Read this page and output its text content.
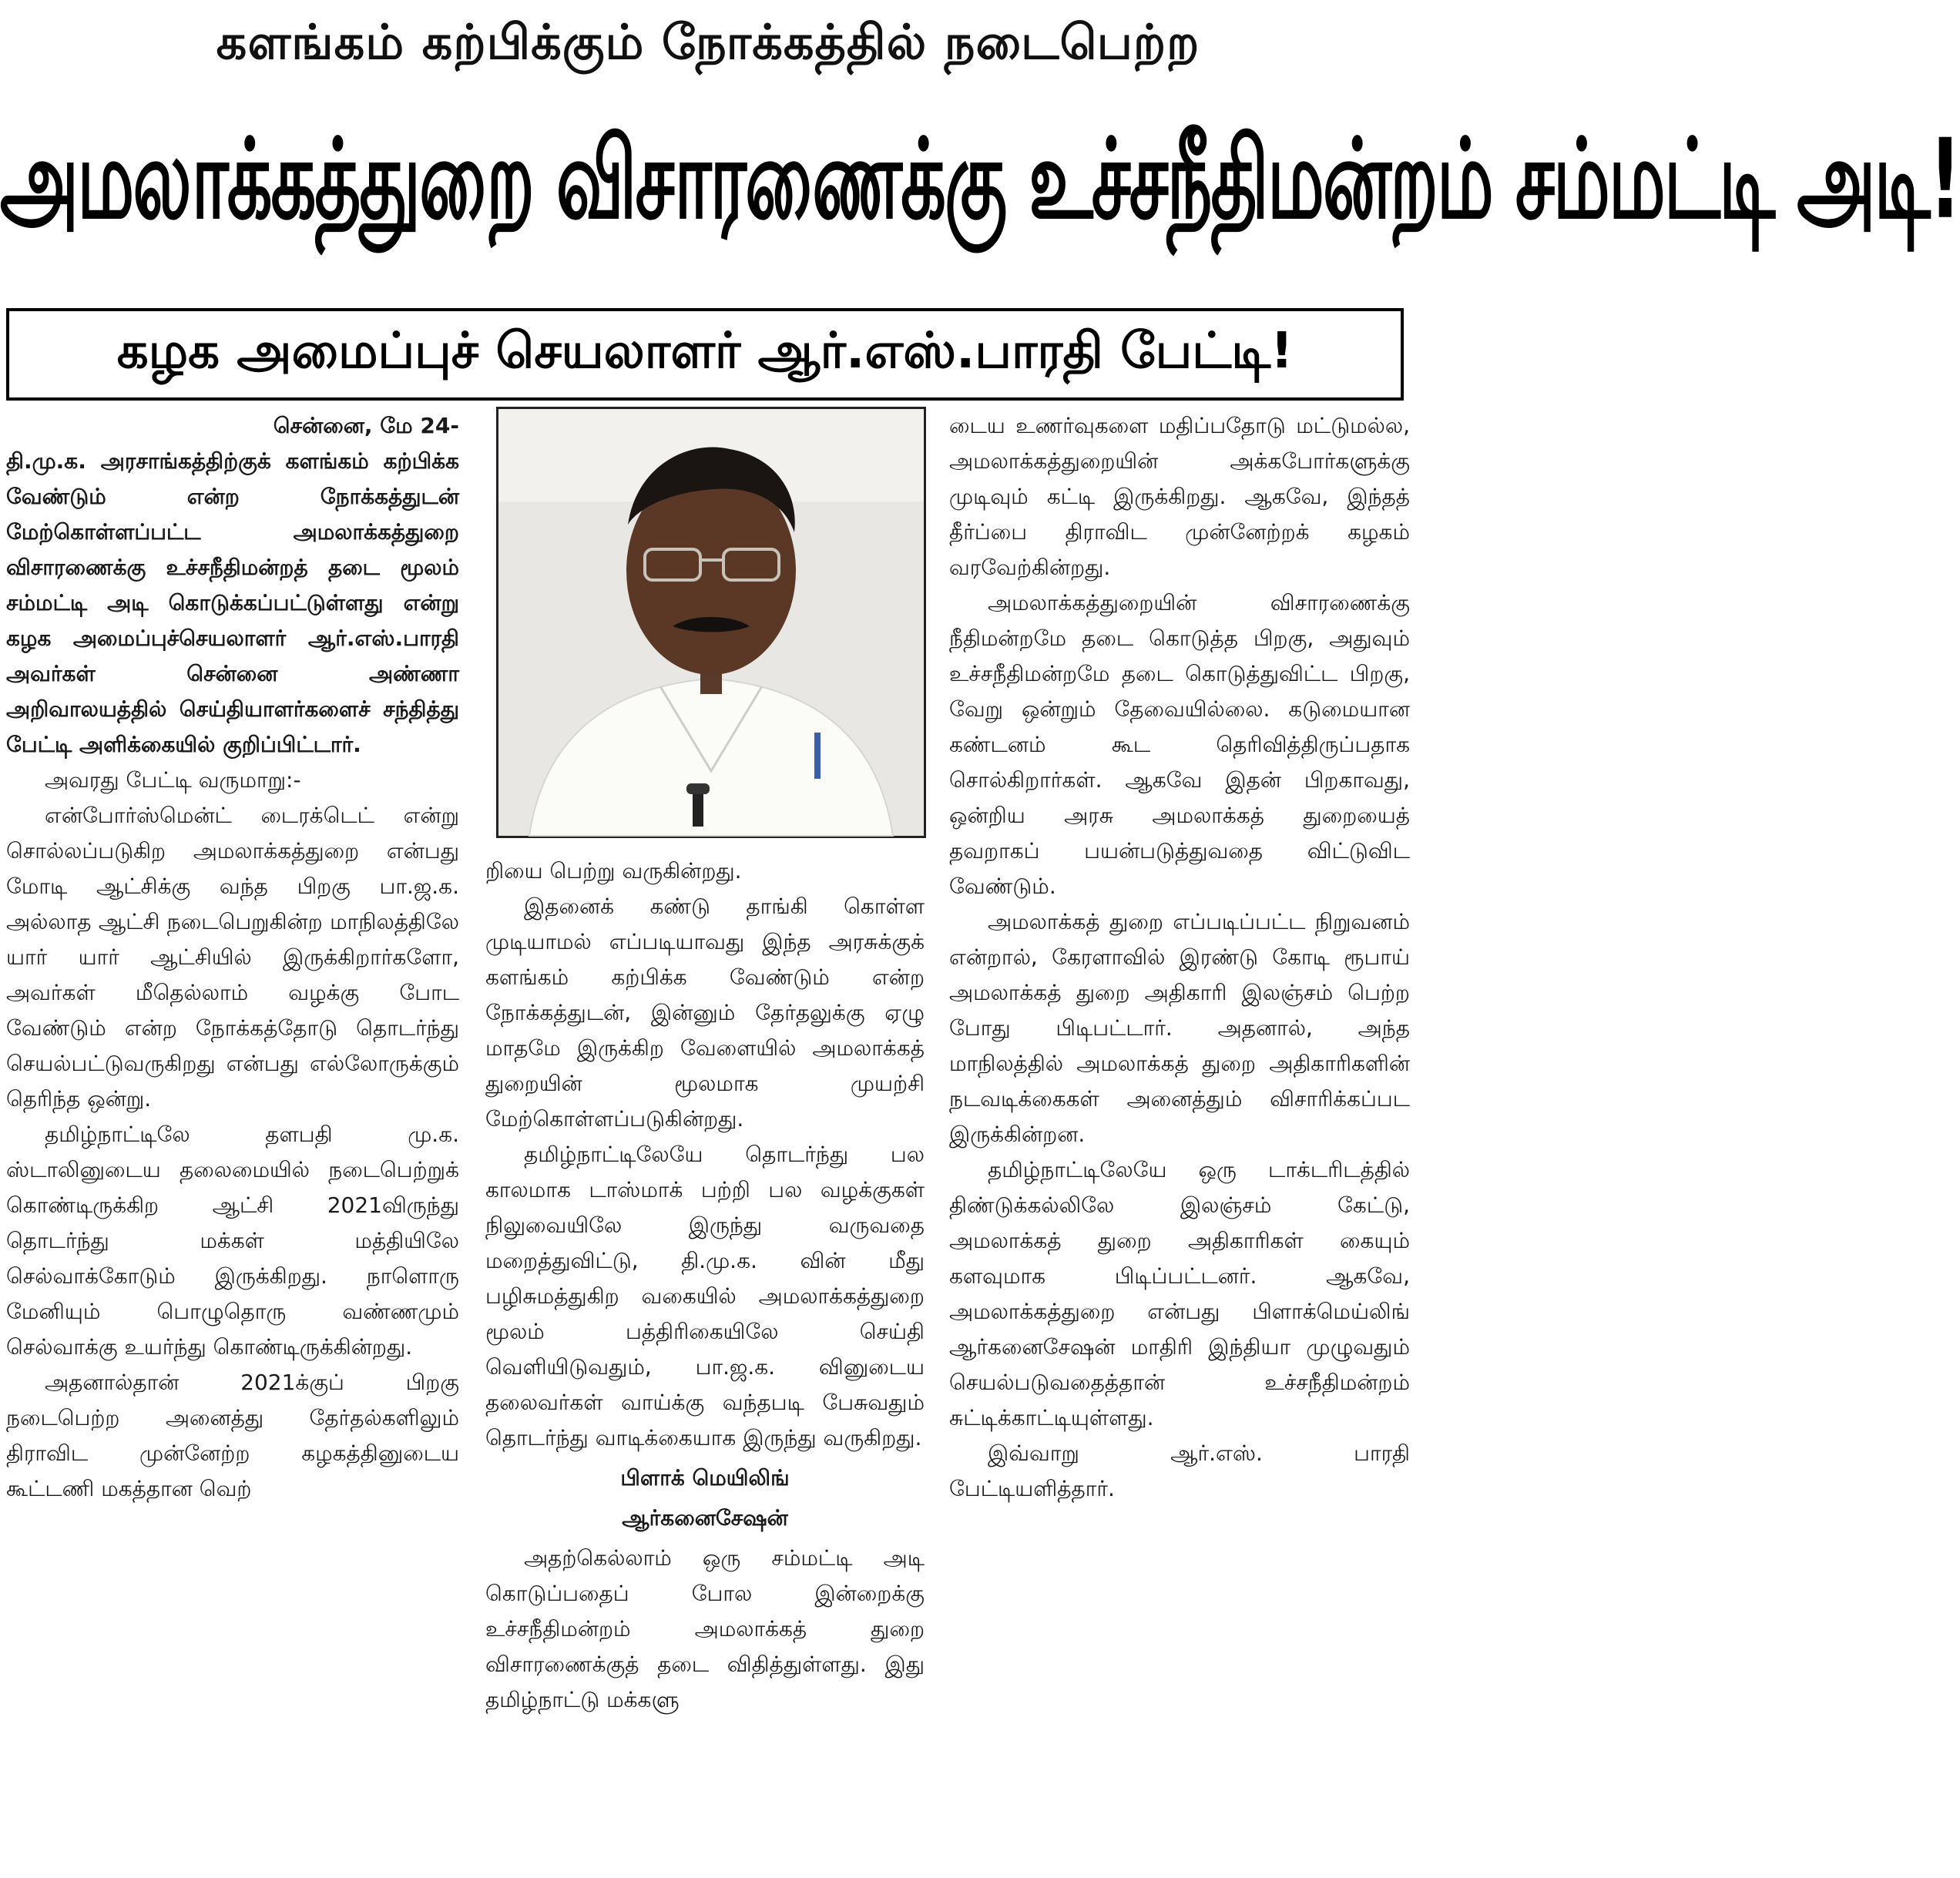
களங்கம் கற்பிக்கும் நோக்கத்தில் நடைபெற்ற
அமலாக்கத்துறை விசாரணைக்கு உச்சநீதிமன்றம் சம்மட்டி அடி!
கழக அமைப்புச் செயலாளர் ஆர்.எஸ்.பாரதி பேட்டி!

சென்னை, மே 24-

தி.மு.க. அரசாங்கத்திற்குக் களங்கம் கற்பிக்க வேண்டும் என்ற நோக்கத்துடன் மேற்கொள்ளப்பட்ட அமலாக்கத்துறை விசாரணைக்கு உச்சநீதிமன்றத் தடை மூலம் சம்மட்டி அடி கொடுக்கப்பட்டுள்ளது என்று கழக அமைப்புச்செயலாளர் ஆர்.எஸ்.பாரதி அவர்கள் சென்னை அண்ணா அறிவாலயத்தில் செய்தியாளர்களைச் சந்தித்து பேட்டி அளிக்கையில் குறிப்பிட்டார்.

அவரது பேட்டி வருமாறு:-

என்போர்ஸ்மென்ட் டைரக்டெட் என்று சொல்லப்படுகிற அமலாக்கத்துறை என்பது மோடி ஆட்சிக்கு வந்த பிறகு பா.ஜ.க. அல்லாத ஆட்சி நடைபெறுகின்ற மாநிலத்திலே யார் யார் ஆட்சியில் இருக்கிறார்களோ, அவர்கள் மீதெல்லாம் வழக்கு போட வேண்டும் என்ற நோக்கத்தோடு தொடர்ந்து செயல்பட்டுவருகிறது என்பது எல்லோருக்கும் தெரிந்த ஒன்று.

தமிழ்நாட்டிலே தளபதி மு.க. ஸ்டாலினுடைய தலைமையில் நடைபெற்றுக் கொண்டிருக்கிற ஆட்சி 2021விருந்து தொடர்ந்து மக்கள் மத்தியிலே செல்வாக்கோடும் இருக்கிறது. நாளொரு மேனியும் பொழுதொரு வண்ணமும் செல்வாக்கு உயர்ந்து கொண்டிருக்கின்றது.

அதனால்தான் 2021க்குப் பிறகு நடைபெற்ற அனைத்து தேர்தல்களிலும் திராவிட முன்னேற்ற கழகத்தினுடைய கூட்டணி மகத்தான வெற்

றியை பெற்று வருகின்றது.

இதனைக் கண்டு தாங்கி கொள்ள முடியாமல் எப்படியாவது இந்த அரசுக்குக் களங்கம் கற்பிக்க வேண்டும் என்ற நோக்கத்துடன், இன்னும் தேர்தலுக்கு ஏழு மாதமே இருக்கிற வேளையில் அமலாக்கத் துறையின் மூலமாக முயற்சி மேற்கொள்ளப்படுகின்றது.

தமிழ்நாட்டிலேயே தொடர்ந்து பல காலமாக டாஸ்மாக் பற்றி பல வழக்குகள் நிலுவையிலே இருந்து வருவதை மறைத்துவிட்டு, தி.மு.க. வின் மீது பழிசுமத்துகிற வகையில் அமலாக்கத்துறை மூலம் பத்திரிகையிலே செய்தி வெளியிடுவதும், பா.ஜ.க. வினுடைய தலைவர்கள் வாய்க்கு வந்தபடி பேசுவதும் தொடர்ந்து வாடிக்கையாக இருந்து வருகிறது.

பிளாக் மெயிலிங்

ஆர்கனைசேஷன்

அதற்கெல்லாம் ஒரு சம்மட்டி அடி கொடுப்பதைப் போல இன்றைக்கு உச்சநீதிமன்றம் அமலாக்கத் துறை விசாரணைக்குத் தடை விதித்துள்ளது. இது தமிழ்நாட்டு மக்களு

டைய உணர்வுகளை மதிப்பதோடு மட்டுமல்ல, அமலாக்கத்துறையின் அக்கபோர்களுக்கு முடிவும் கட்டி இருக்கிறது. ஆகவே, இந்தத் தீர்ப்பை திராவிட முன்னேற்றக் கழகம் வரவேற்கின்றது.

அமலாக்கத்துறையின் விசாரணைக்கு நீதிமன்றமே தடை கொடுத்த பிறகு, அதுவும் உச்சநீதிமன்றமே தடை கொடுத்துவிட்ட பிறகு, வேறு ஒன்றும் தேவையில்லை. கடுமையான கண்டனம் கூட தெரிவித்திருப்பதாக சொல்கிறார்கள். ஆகவே இதன் பிறகாவது, ஒன்றிய அரசு அமலாக்கத் துறையைத் தவறாகப் பயன்படுத்துவதை விட்டுவிட வேண்டும்.

அமலாக்கத் துறை எப்படிப்பட்ட நிறுவனம் என்றால், கேரளாவில் இரண்டு கோடி ரூபாய் அமலாக்கத் துறை அதிகாரி இலஞ்சம் பெற்ற போது பிடிபட்டார். அதனால், அந்த மாநிலத்தில் அமலாக்கத் துறை அதிகாரிகளின் நடவடிக்கைகள் அனைத்தும் விசாரிக்கப்பட இருக்கின்றன.

தமிழ்நாட்டிலேயே ஒரு டாக்டரிடத்தில் திண்டுக்கல்லிலே இலஞ்சம் கேட்டு, அமலாக்கத் துறை அதிகாரிகள் கையும் களவுமாக பிடிப்பட்டனர். ஆகவே, அமலாக்கத்துறை என்பது பிளாக்மெய்லிங் ஆர்கனைசேஷன் மாதிரி இந்தியா முழுவதும் செயல்படுவதைத்தான் உச்சநீதிமன்றம் சுட்டிக்காட்டியுள்ளது.

இவ்வாறு ஆர்.எஸ். பாரதி பேட்டியளித்தார்.
